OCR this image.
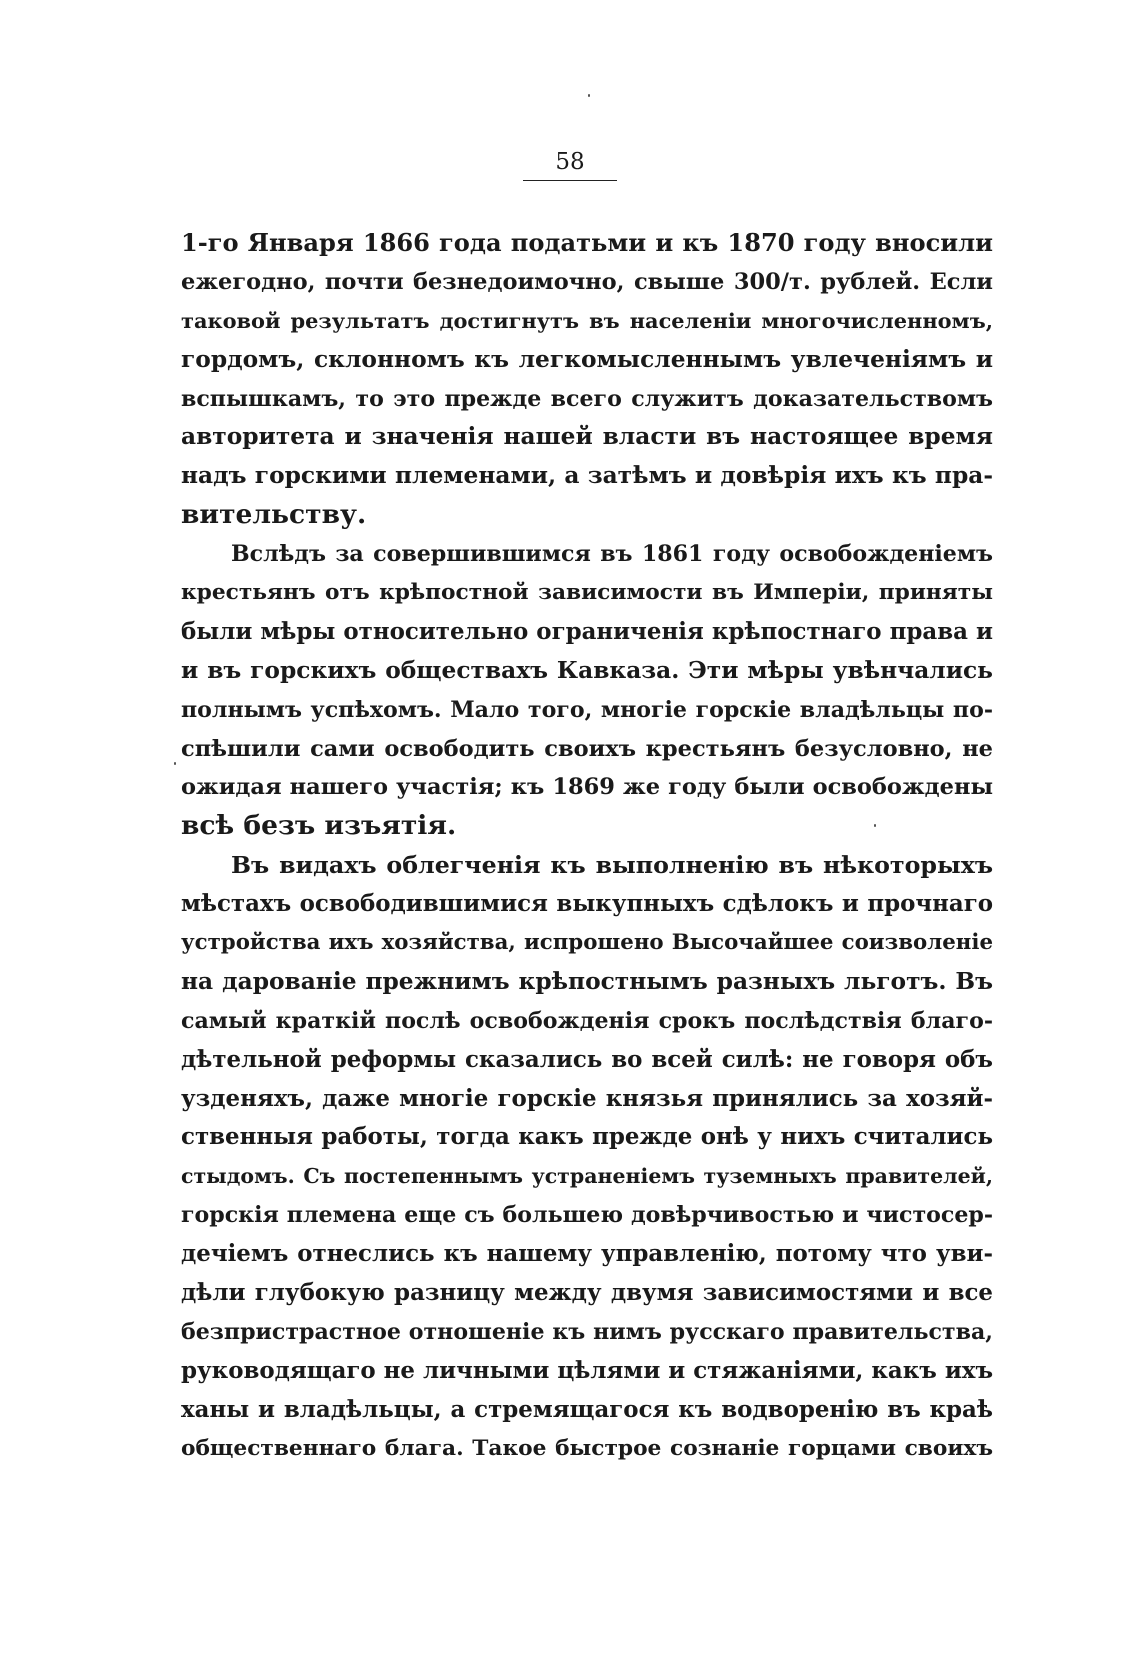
58
1-го Января 1866 года податьми и къ 1870 году вносили
ежегодно, почти безнедоимочно, свыше 300/т. рублей. Если
таковой результатъ достигнутъ въ населенiи многочисленномъ,
гордомъ, склонномъ къ легкомысленнымъ увлеченiямъ и
вспышкамъ, то это прежде всего служитъ доказательствомъ
авторитета и значенiя нашей власти въ настоящее время
надъ горскими племенами, а затѣмъ и довѣрiя ихъ къ пра-
вительству.
Вслѣдъ за совершившимся въ 1861 году освобожденiемъ
крестьянъ отъ крѣпостной зависимости въ Имперiи, приняты
были мѣры относительно ограниченiя крѣпостнаго права и
и въ горскихъ обществахъ Кавказа. Эти мѣры увѣнчались
полнымъ успѣхомъ. Мало того, многiе горскiе владѣльцы по-
спѣшили сами освободить своихъ крестьянъ безусловно, не
ожидая нашего участiя; къ 1869 же году были освобождены
всѣ безъ изъятiя.
Въ видахъ облегченiя къ выполненiю въ нѣкоторыхъ
мѣстахъ освободившимися выкупныхъ сдѣлокъ и прочнаго
устройства ихъ хозяйства, испрошено Высочайшее соизволенiе
на дарованiе прежнимъ крѣпостнымъ разныхъ льготъ. Въ
самый краткiй послѣ освобожденiя срокъ послѣдствiя благо-
дѣтельной реформы сказались во всей силѣ: не говоря объ
узденяхъ, даже многiе горскiе князья принялись за хозяй-
ственныя работы, тогда какъ прежде онѣ у нихъ считались
стыдомъ. Съ постепеннымъ устраненiемъ туземныхъ правителей,
горскiя племена еще съ большею довѣрчивостью и чистосер-
дечiемъ отнеслись къ нашему управленiю, потому что уви-
дѣли глубокую разницу между двумя зависимостями и все
безпристрастное отношенiе къ нимъ русскаго правительства,
руководящаго не личными цѣлями и стяжанiями, какъ ихъ
ханы и владѣльцы, а стремящагося къ водворенiю въ краѣ
общественнаго блага. Такое быстрое сознанiе горцами своихъ
